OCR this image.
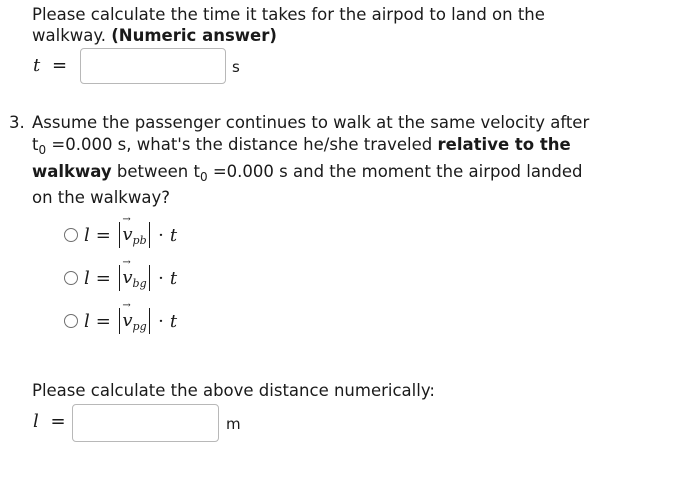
Please calculate the time it takes for the airpod to land on the
walkway. (Numeric answer)
t =	s
3. Assume the passenger continues to walk at the same velocity after
$t_0 =0.000$ s, what's the distance he/she traveled relative to the
walkway between $t_0 =0.000$ s and the moment the airpod landed
on the walkway?
l =
→
$v_{pb} \cdot t$
l =
→
$v_{bg} \cdot t$
l =
→
$v_{pg} \cdot t$
Please calculate the above distance numerically:
l =	m
